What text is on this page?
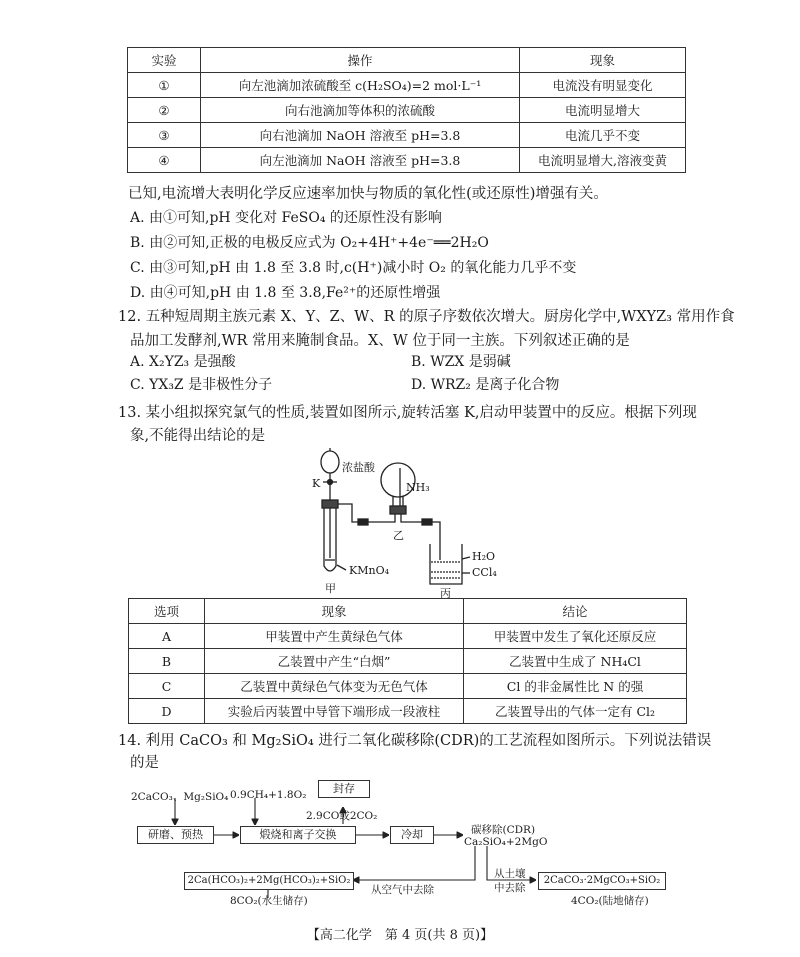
实验	操作	现象
①	向左池滴加浓硫酸至 c(H₂SO₄)=2 mol·L⁻¹	电流没有明显变化
②	向右池滴加等体积的浓硫酸	电流明显增大
③	向右池滴加 NaOH 溶液至 pH=3.8	电流几乎不变
④	向左池滴加 NaOH 溶液至 pH=3.8	电流明显增大,溶液变黄
已知,电流增大表明化学反应速率加快与物质的氧化性(或还原性)增强有关。
A. 由①可知,pH 变化对 FeSO₄ 的还原性没有影响
B. 由②可知,正极的电极反应式为 O₂+4H⁺+4e⁻══2H₂O
C. 由③可知,pH 由 1.8 至 3.8 时,c(H⁺)减小时 O₂ 的氧化能力几乎不变
D. 由④可知,pH 由 1.8 至 3.8,Fe²⁺的还原性增强
12. 五种短周期主族元素 X、Y、Z、W、R 的原子序数依次增大。厨房化学中,WXYZ₃ 常用作食
品加工发酵剂,WR 常用来腌制食品。X、W 位于同一主族。下列叙述正确的是
A. X₂YZ₃ 是强酸	B. WZX 是弱碱
C. YX₃Z 是非极性分子	D. WRZ₂ 是离子化合物
13. 某小组拟探究氯气的性质,装置如图所示,旋转活塞 K,启动甲装置中的反应。根据下列现
象,不能得出结论的是
浓盐酸
K	NH₃
KMnO₄
甲
乙
丙
H₂O
CCl₄
选项	现象	结论
A	甲装置中产生黄绿色气体	甲装置中发生了氧化还原反应
B	乙装置中产生“白烟”	乙装置中生成了 NH₄Cl
C	乙装置中黄绿色气体变为无色气体	Cl 的非金属性比 N 的强
D	实验后丙装置中导管下端形成一段液柱	乙装置导出的气体一定有 Cl₂
14. 利用 CaCO₃ 和 Mg₂SiO₄ 进行二氧化碳移除(CDR)的工艺流程如图所示。下列说法错误
的是
2CaCO₃、Mg₂SiO₄ 0.9CH₄+1.8O₂	封存
2.9CO或2CO₂
研磨、预热	煅烧和离子交换	冷却	碳移除(CDR)
Ca₂SiO₄+2MgO
2Ca(HCO₃)₂+2Mg(HCO₃)₂+SiO₂
8CO₂(水生储存)
从空气中去除
从土壤
中去除
2CaCO₃·2MgCO₃+SiO₂
4CO₂(陆地储存)
【高二化学　第 4 页(共 8 页)】
